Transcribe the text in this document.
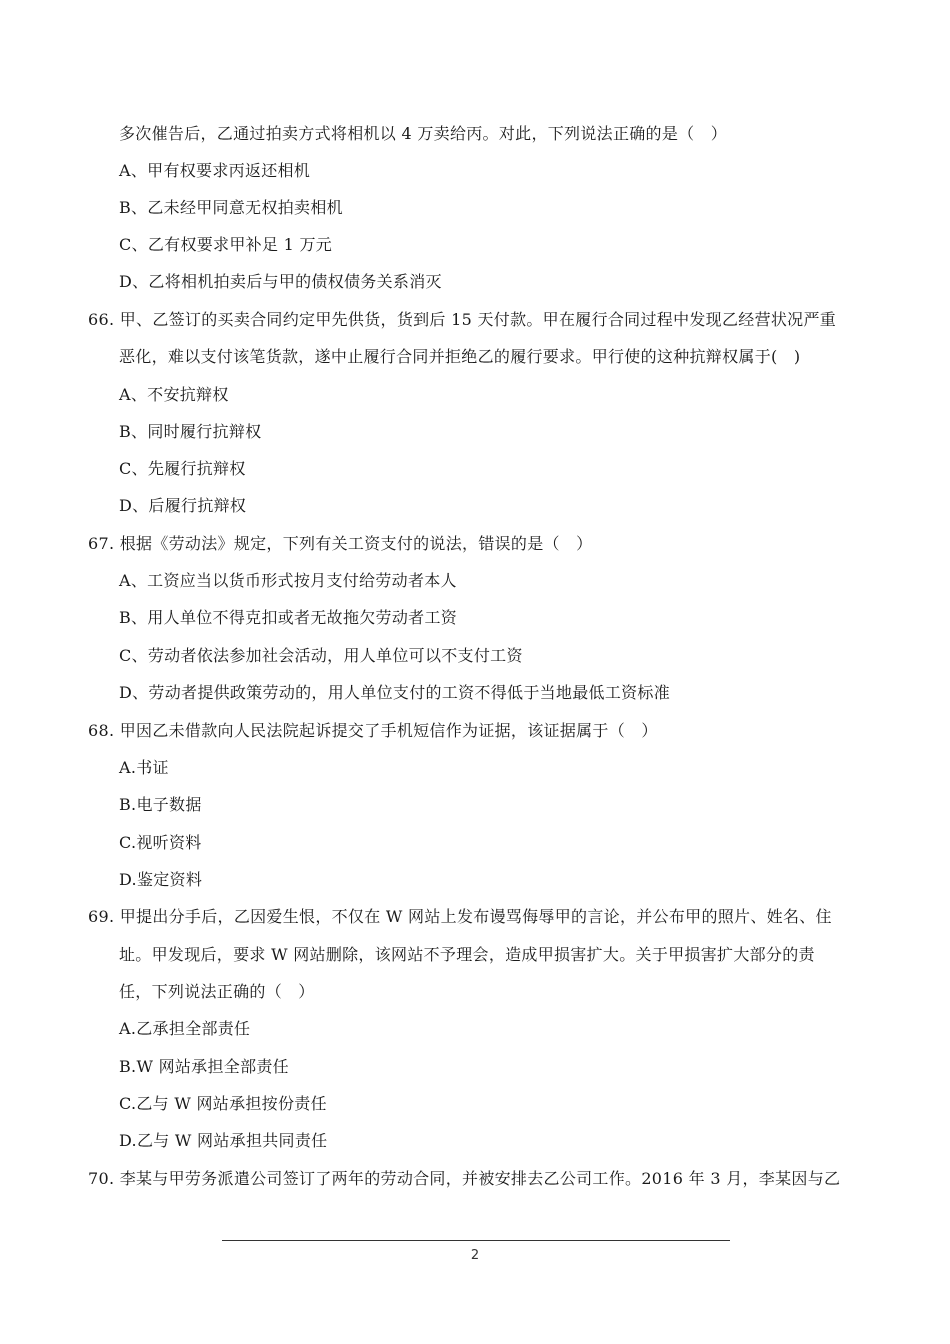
多次催告后，乙通过拍卖方式将相机以 4 万卖给丙。对此，下列说法正确的是（　）
A、甲有权要求丙返还相机
B、乙未经甲同意无权拍卖相机
C、乙有权要求甲补足 1 万元
D、乙将相机拍卖后与甲的债权债务关系消灭
66. 甲、乙签订的买卖合同约定甲先供货，货到后 15 天付款。甲在履行合同过程中发现乙经营状况严重
恶化，难以支付该笔货款，遂中止履行合同并拒绝乙的履行要求。甲行使的这种抗辩权属于(　)
A、不安抗辩权
B、同时履行抗辩权
C、先履行抗辩权
D、后履行抗辩权
67. 根据《劳动法》规定，下列有关工资支付的说法，错误的是（　）
A、工资应当以货币形式按月支付给劳动者本人
B、用人单位不得克扣或者无故拖欠劳动者工资
C、劳动者依法参加社会活动，用人单位可以不支付工资
D、劳动者提供政策劳动的，用人单位支付的工资不得低于当地最低工资标准
68. 甲因乙未借款向人民法院起诉提交了手机短信作为证据，该证据属于（　）
A.书证
B.电子数据
C.视听资料
D.鉴定资料
69. 甲提出分手后，乙因爱生恨，不仅在 W 网站上发布谩骂侮辱甲的言论，并公布甲的照片、姓名、住
址。甲发现后，要求 W 网站删除，该网站不予理会，造成甲损害扩大。关于甲损害扩大部分的责
任，下列说法正确的（　）
A.乙承担全部责任
B.W 网站承担全部责任
C.乙与 W 网站承担按份责任
D.乙与 W 网站承担共同责任
70. 李某与甲劳务派遣公司签订了两年的劳动合同，并被安排去乙公司工作。2016 年 3 月，李某因与乙
2
